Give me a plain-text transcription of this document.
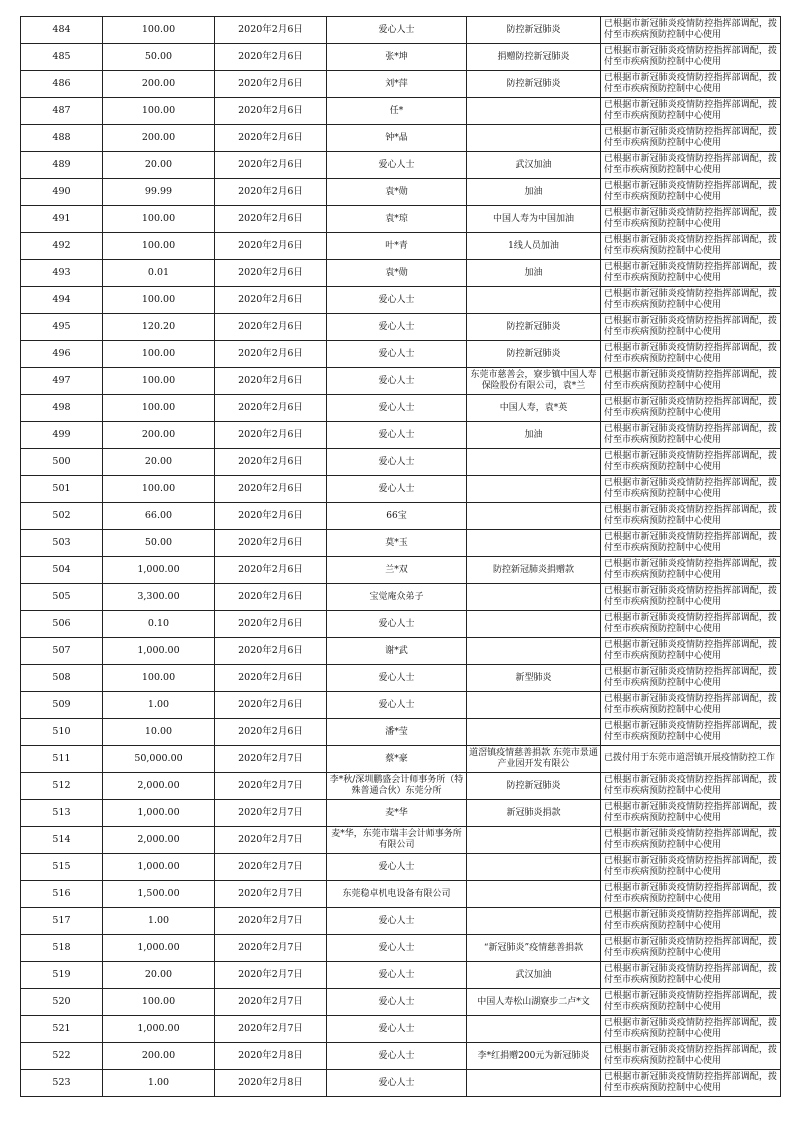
484	100.00	2020年2月6日	爱心人士	防控新冠肺炎	已根据市新冠肺炎疫情防控指挥部调配，拨付至市疾病预防控制中心使用
485	50.00	2020年2月6日	张*坤	捐赠防控新冠肺炎	已根据市新冠肺炎疫情防控指挥部调配，拨付至市疾病预防控制中心使用
486	200.00	2020年2月6日	刘*萍	防控新冠肺炎	已根据市新冠肺炎疫情防控指挥部调配，拨付至市疾病预防控制中心使用
487	100.00	2020年2月6日	任*		已根据市新冠肺炎疫情防控指挥部调配，拨付至市疾病预防控制中心使用
488	200.00	2020年2月6日	钟*晶		已根据市新冠肺炎疫情防控指挥部调配，拨付至市疾病预防控制中心使用
489	20.00	2020年2月6日	爱心人士	武汉加油	已根据市新冠肺炎疫情防控指挥部调配，拨付至市疾病预防控制中心使用
490	99.99	2020年2月6日	袁*勋	加油	已根据市新冠肺炎疫情防控指挥部调配，拨付至市疾病预防控制中心使用
491	100.00	2020年2月6日	袁*琼	中国人寿为中国加油	已根据市新冠肺炎疫情防控指挥部调配，拨付至市疾病预防控制中心使用
492	100.00	2020年2月6日	叶*青	1线人员加油	已根据市新冠肺炎疫情防控指挥部调配，拨付至市疾病预防控制中心使用
493	0.01	2020年2月6日	袁*勋	加油	已根据市新冠肺炎疫情防控指挥部调配，拨付至市疾病预防控制中心使用
494	100.00	2020年2月6日	爱心人士		已根据市新冠肺炎疫情防控指挥部调配，拨付至市疾病预防控制中心使用
495	120.20	2020年2月6日	爱心人士	防控新冠肺炎	已根据市新冠肺炎疫情防控指挥部调配，拨付至市疾病预防控制中心使用
496	100.00	2020年2月6日	爱心人士	防控新冠肺炎	已根据市新冠肺炎疫情防控指挥部调配，拨付至市疾病预防控制中心使用
497	100.00	2020年2月6日	爱心人士	东莞市慈善会，寮步镇中国人寿保险股份有限公司，袁*兰	已根据市新冠肺炎疫情防控指挥部调配，拨付至市疾病预防控制中心使用
498	100.00	2020年2月6日	爱心人士	中国人寿，袁*英	已根据市新冠肺炎疫情防控指挥部调配，拨付至市疾病预防控制中心使用
499	200.00	2020年2月6日	爱心人士	加油	已根据市新冠肺炎疫情防控指挥部调配，拨付至市疾病预防控制中心使用
500	20.00	2020年2月6日	爱心人士		已根据市新冠肺炎疫情防控指挥部调配，拨付至市疾病预防控制中心使用
501	100.00	2020年2月6日	爱心人士		已根据市新冠肺炎疫情防控指挥部调配，拨付至市疾病预防控制中心使用
502	66.00	2020年2月6日	66宝		已根据市新冠肺炎疫情防控指挥部调配，拨付至市疾病预防控制中心使用
503	50.00	2020年2月6日	莫*玉		已根据市新冠肺炎疫情防控指挥部调配，拨付至市疾病预防控制中心使用
504	1,000.00	2020年2月6日	兰*双	防控新冠肺炎捐赠款	已根据市新冠肺炎疫情防控指挥部调配，拨付至市疾病预防控制中心使用
505	3,300.00	2020年2月6日	宝觉庵众弟子		已根据市新冠肺炎疫情防控指挥部调配，拨付至市疾病预防控制中心使用
506	0.10	2020年2月6日	爱心人士		已根据市新冠肺炎疫情防控指挥部调配，拨付至市疾病预防控制中心使用
507	1,000.00	2020年2月6日	谢*武		已根据市新冠肺炎疫情防控指挥部调配，拨付至市疾病预防控制中心使用
508	100.00	2020年2月6日	爱心人士	新型肺炎	已根据市新冠肺炎疫情防控指挥部调配，拨付至市疾病预防控制中心使用
509	1.00	2020年2月6日	爱心人士		已根据市新冠肺炎疫情防控指挥部调配，拨付至市疾病预防控制中心使用
510	10.00	2020年2月6日	潘*莹		已根据市新冠肺炎疫情防控指挥部调配，拨付至市疾病预防控制中心使用
511	50,000.00	2020年2月7日	蔡*豪	道滘镇疫情慈善捐款 东莞市景通产业园开发有限公	已拨付用于东莞市道滘镇开展疫情防控工作
512	2,000.00	2020年2月7日	李*秋/深圳鹏盛会计师事务所（特殊普通合伙）东莞分所	防控新冠肺炎	已根据市新冠肺炎疫情防控指挥部调配，拨付至市疾病预防控制中心使用
513	1,000.00	2020年2月7日	麦*华	新冠肺炎捐款	已根据市新冠肺炎疫情防控指挥部调配，拨付至市疾病预防控制中心使用
514	2,000.00	2020年2月7日	麦*华，东莞市瑞丰会计师事务所有限公司		已根据市新冠肺炎疫情防控指挥部调配，拨付至市疾病预防控制中心使用
515	1,000.00	2020年2月7日	爱心人士		已根据市新冠肺炎疫情防控指挥部调配，拨付至市疾病预防控制中心使用
516	1,500.00	2020年2月7日	东莞稳卓机电设备有限公司		已根据市新冠肺炎疫情防控指挥部调配，拨付至市疾病预防控制中心使用
517	1.00	2020年2月7日	爱心人士		已根据市新冠肺炎疫情防控指挥部调配，拨付至市疾病预防控制中心使用
518	1,000.00	2020年2月7日	爱心人士	“新冠肺炎”疫情慈善捐款	已根据市新冠肺炎疫情防控指挥部调配，拨付至市疾病预防控制中心使用
519	20.00	2020年2月7日	爱心人士	武汉加油	已根据市新冠肺炎疫情防控指挥部调配，拨付至市疾病预防控制中心使用
520	100.00	2020年2月7日	爱心人士	中国人寿松山湖寮步二卢*文	已根据市新冠肺炎疫情防控指挥部调配，拨付至市疾病预防控制中心使用
521	1,000.00	2020年2月7日	爱心人士		已根据市新冠肺炎疫情防控指挥部调配，拨付至市疾病预防控制中心使用
522	200.00	2020年2月8日	爱心人士	李*红捐赠200元为新冠肺炎	已根据市新冠肺炎疫情防控指挥部调配，拨付至市疾病预防控制中心使用
523	1.00	2020年2月8日	爱心人士		已根据市新冠肺炎疫情防控指挥部调配，拨付至市疾病预防控制中心使用
